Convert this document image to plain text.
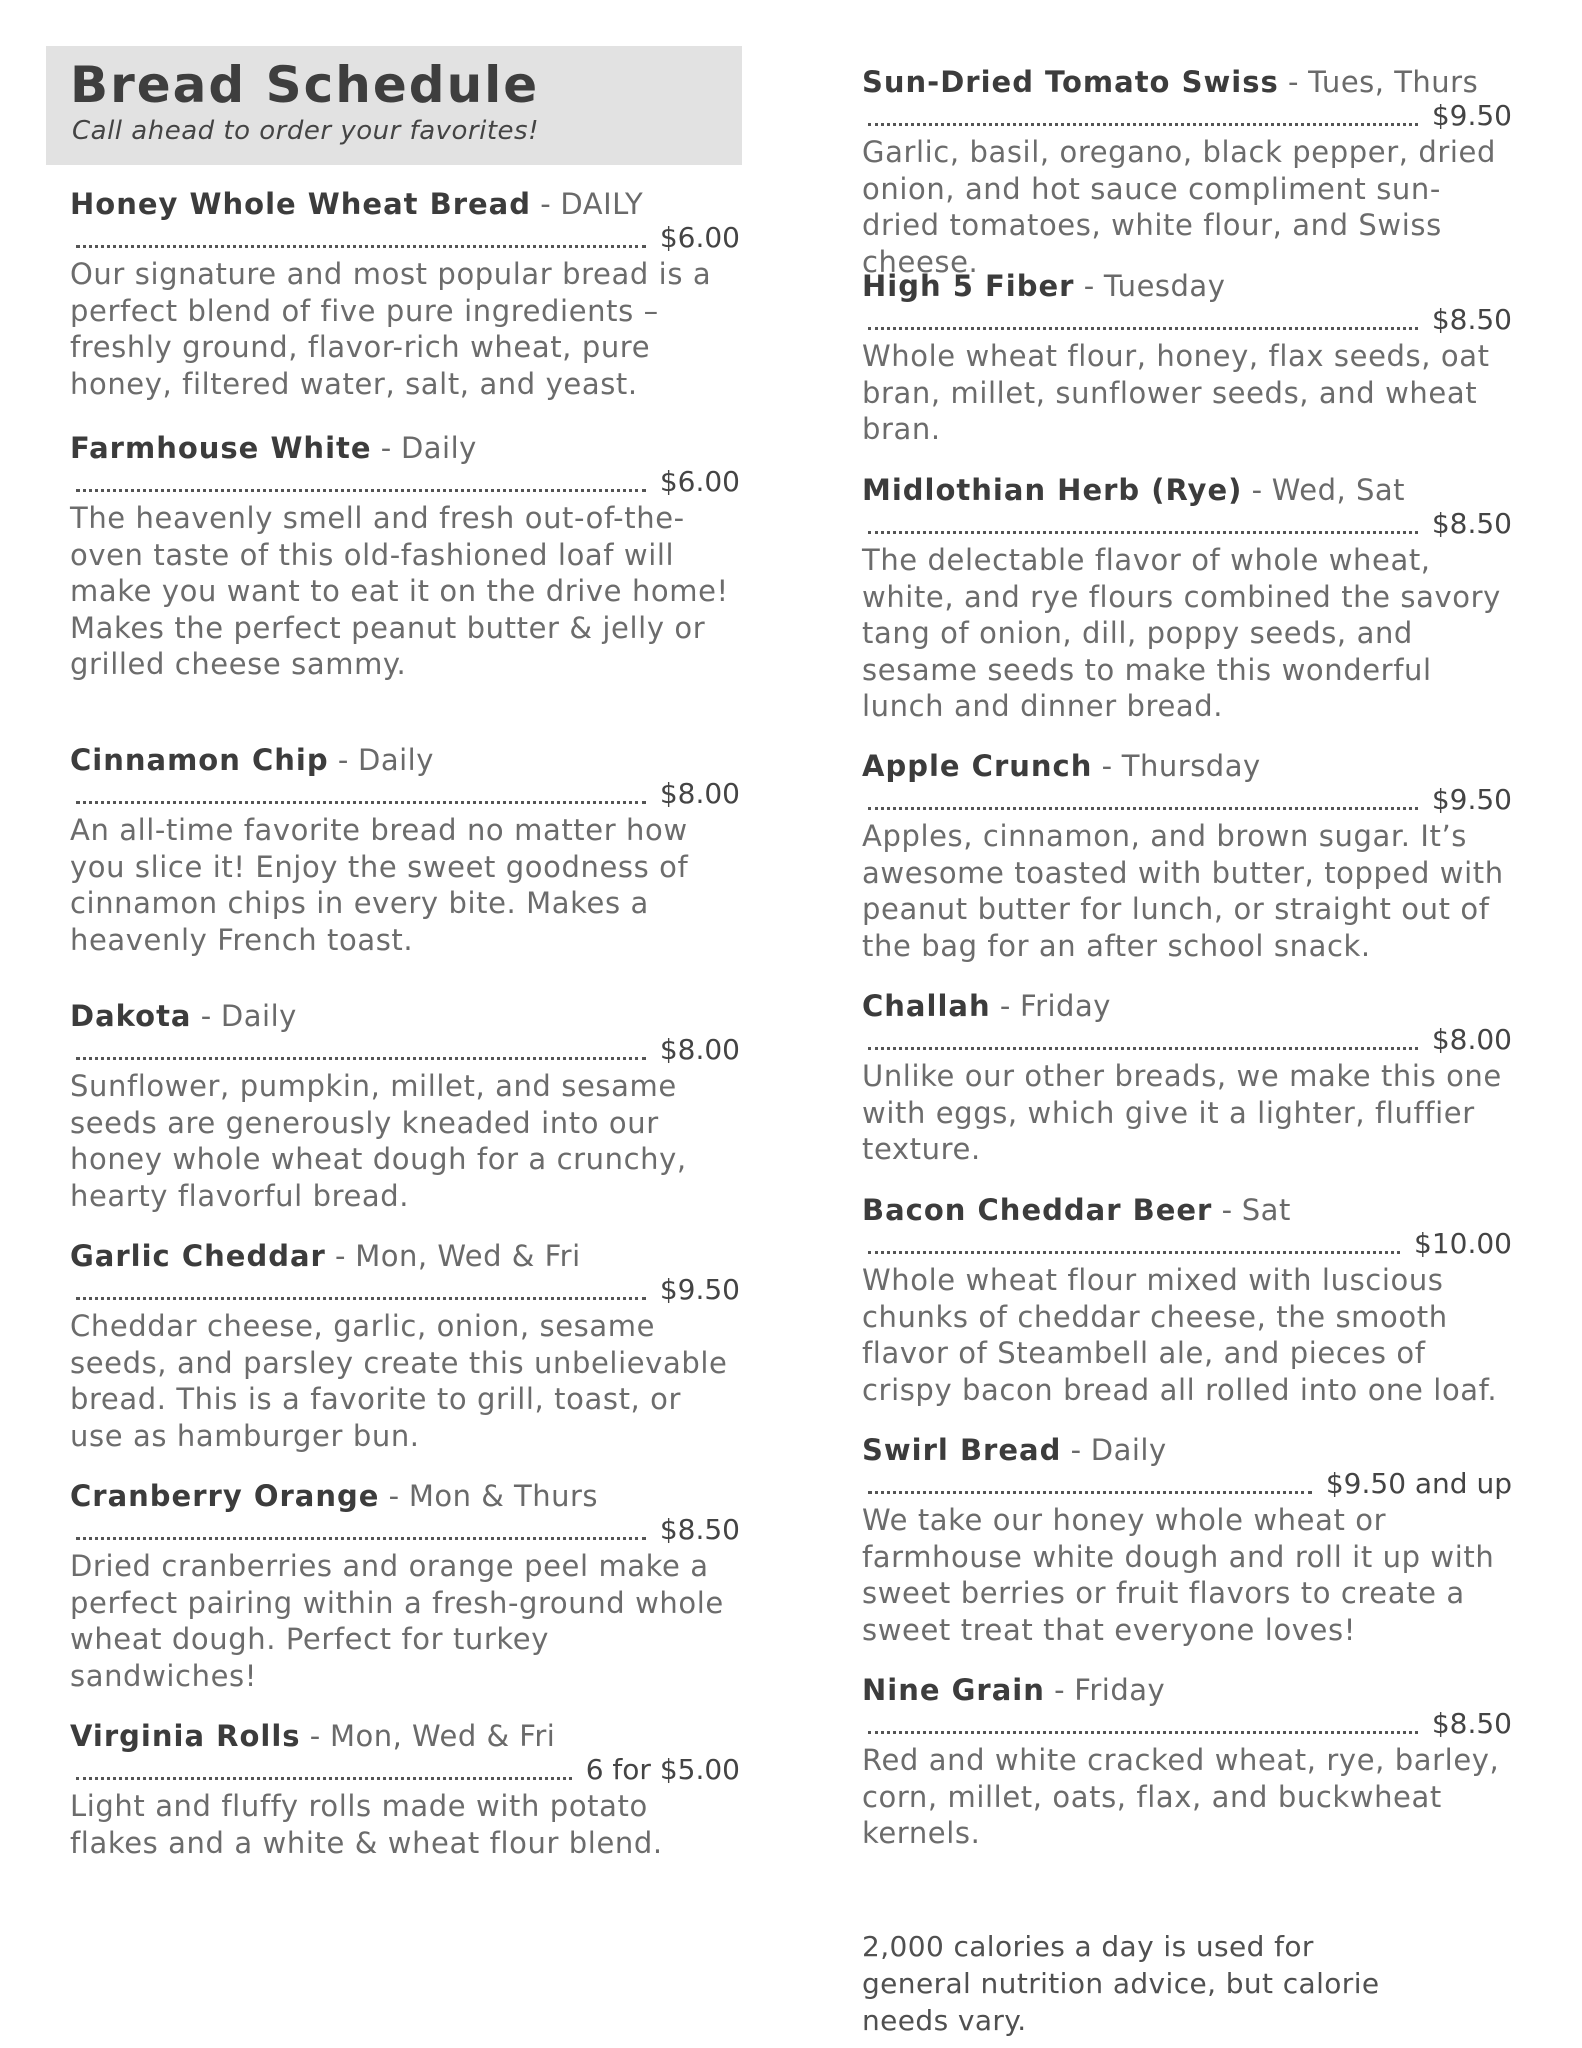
Bread Schedule

Call ahead to order your favorites!

Honey Whole Wheat Bread - DAILY
$6.00

Our signature and most popular bread is a perfect blend of five pure ingredients – freshly ground, flavor-rich wheat, pure honey, filtered water, salt, and yeast.

Farmhouse White - Daily
$6.00

The heavenly smell and fresh out-of-the-oven taste of this old-fashioned loaf will make you want to eat it on the drive home! Makes the perfect peanut butter & jelly or grilled cheese sammy.

Cinnamon Chip - Daily
$8.00

An all-time favorite bread no matter how you slice it! Enjoy the sweet goodness of cinnamon chips in every bite. Makes a heavenly French toast.

Dakota - Daily
$8.00

Sunflower, pumpkin, millet, and sesame seeds are generously kneaded into our honey whole wheat dough for a crunchy, hearty flavorful bread.

Garlic Cheddar - Mon, Wed & Fri
$9.50

Cheddar cheese, garlic, onion, sesame seeds, and parsley create this unbelievable bread. This is a favorite to grill, toast, or use as hamburger bun.

Cranberry Orange - Mon & Thurs
$8.50

Dried cranberries and orange peel make a perfect pairing within a fresh-ground whole wheat dough. Perfect for turkey sandwiches!

Virginia Rolls - Mon, Wed & Fri
6 for $5.00

Light and fluffy rolls made with potato flakes and a white & wheat flour blend.

Sun-Dried Tomato Swiss - Tues, Thurs
$9.50

Garlic, basil, oregano, black pepper, dried onion, and hot sauce compliment sun-dried tomatoes, white flour, and Swiss cheese.

High 5 Fiber - Tuesday
$8.50

Whole wheat flour, honey, flax seeds, oat bran, millet, sunflower seeds, and wheat bran.

Midlothian Herb (Rye) - Wed, Sat
$8.50

The delectable flavor of whole wheat, white, and rye flours combined the savory tang of onion, dill, poppy seeds, and sesame seeds to make this wonderful lunch and dinner bread.

Apple Crunch - Thursday
$9.50

Apples, cinnamon, and brown sugar. It’s awesome toasted with butter, topped with peanut butter for lunch, or straight out of the bag for an after school snack.

Challah - Friday
$8.00

Unlike our other breads, we make this one with eggs, which give it a lighter, fluffier texture.

Bacon Cheddar Beer - Sat
$10.00

Whole wheat flour mixed with luscious chunks of cheddar cheese, the smooth flavor of Steambell ale, and pieces of crispy bacon bread all rolled into one loaf.

Swirl Bread - Daily
$9.50 and up

We take our honey whole wheat or farmhouse white dough and roll it up with sweet berries or fruit flavors to create a sweet treat that everyone loves!

Nine Grain - Friday
$8.50

Red and white cracked wheat, rye, barley, corn, millet, oats, flax, and buckwheat kernels.

2,000 calories a day is used for general nutrition advice, but calorie needs vary.
